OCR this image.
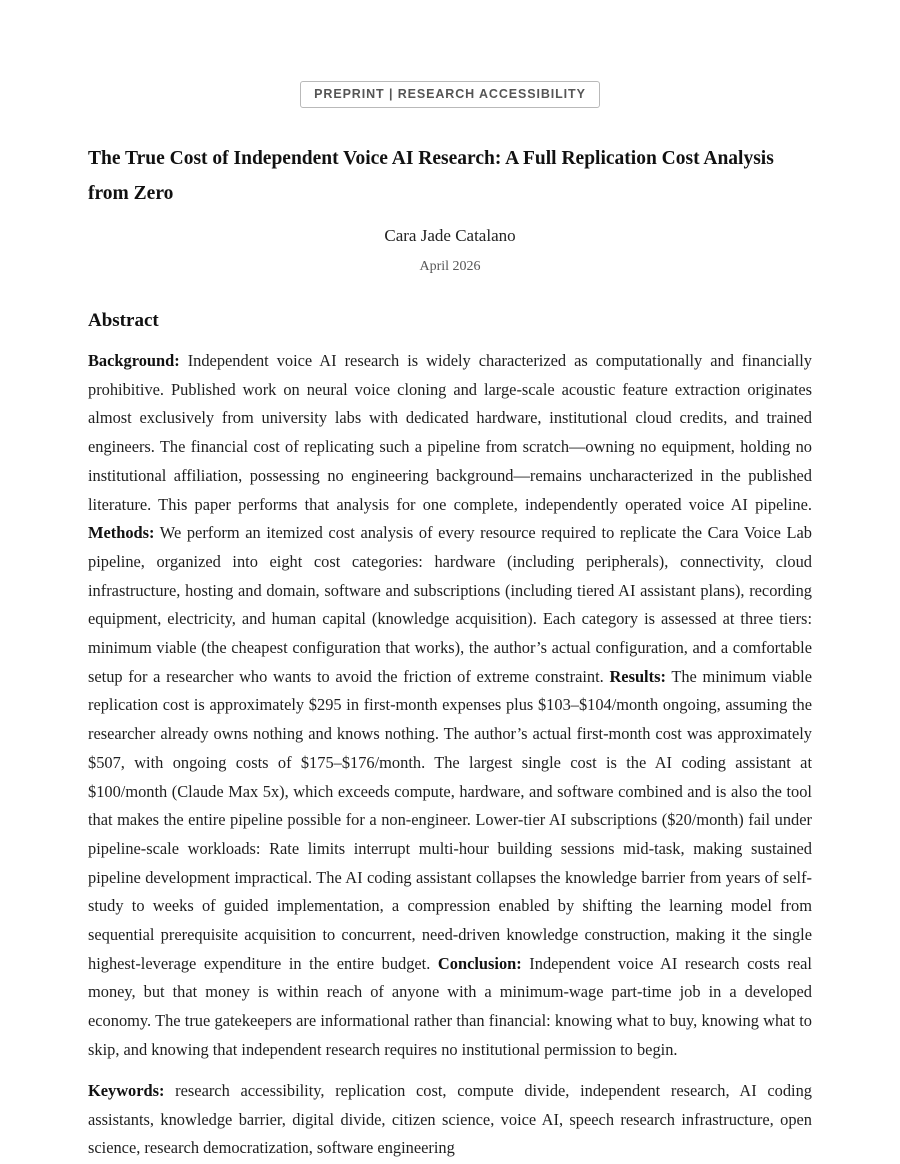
PREPRINT | RESEARCH ACCESSIBILITY
The True Cost of Independent Voice AI Research: A Full Replication Cost Analysis from Zero
Cara Jade Catalano
April 2026
Abstract

Background: Independent voice AI research is widely characterized as computationally and financially prohibitive. Published work on neural voice cloning and large-scale acoustic feature extraction originates almost exclusively from university labs with dedicated hardware, institutional cloud credits, and trained engineers. The financial cost of replicating such a pipeline from scratch—owning no equipment, holding no institutional affiliation, possessing no engineering background—remains uncharacterized in the published literature. This paper performs that analysis for one complete, independently operated voice AI pipeline. Methods: We perform an itemized cost analysis of every resource required to replicate the Cara Voice Lab pipeline, organized into eight cost categories: hardware (including peripherals), connectivity, cloud infrastructure, hosting and domain, software and subscriptions (including tiered AI assistant plans), recording equipment, electricity, and human capital (knowledge acquisition). Each category is assessed at three tiers: minimum viable (the cheapest configuration that works), the author’s actual configuration, and a comfortable setup for a researcher who wants to avoid the friction of extreme constraint. Results: The minimum viable replication cost is approximately $295 in first-month expenses plus $103–$104/month ongoing, assuming the researcher already owns nothing and knows nothing. The author’s actual first-month cost was approximately $507, with ongoing costs of $175–$176/month. The largest single cost is the AI coding assistant at $100/month (Claude Max 5x), which exceeds compute, hardware, and software combined and is also the tool that makes the entire pipeline possible for a non-engineer. Lower-tier AI subscriptions ($20/month) fail under pipeline-scale workloads: Rate limits interrupt multi-hour building sessions mid-task, making sustained pipeline development impractical. The AI coding assistant collapses the knowledge barrier from years of self-study to weeks of guided implementation, a compression enabled by shifting the learning model from sequential prerequisite acquisition to concurrent, need-driven knowledge construction, making it the single highest-leverage expenditure in the entire budget. Conclusion: Independent voice AI research costs real money, but that money is within reach of anyone with a minimum-wage part-time job in a developed economy. The true gatekeepers are informational rather than financial: knowing what to buy, knowing what to skip, and knowing that independent research requires no institutional permission to begin.

Keywords: research accessibility, replication cost, compute divide, independent research, AI coding assistants, knowledge barrier, digital divide, citizen science, voice AI, speech research infrastructure, open science, research democratization, software engineering
